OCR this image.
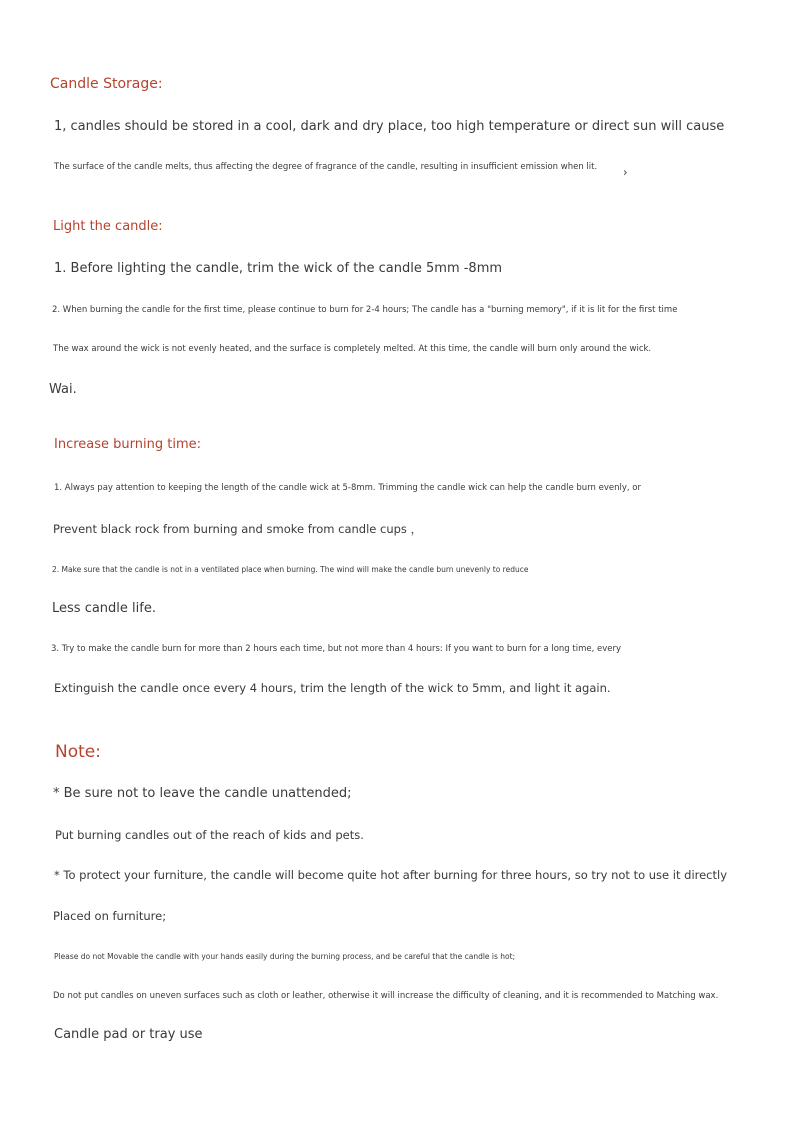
Candle Storage:
1, candles should be stored in a cool, dark and dry place, too high temperature or direct sun will cause
The surface of the candle melts, thus affecting the degree of fragrance of the candle, resulting in insufficient emission when lit. ›
Light the candle:
1. Before lighting the candle, trim the wick of the candle 5mm -8mm
2. When burning the candle for the first time, please continue to burn for 2-4 hours; The candle has a "burning memory", if it is lit for the first time
The wax around the wick is not evenly heated, and the surface is completely melted. At this time, the candle will burn only around the wick.
Wai.
Increase burning time:
1. Always pay attention to keeping the length of the candle wick at 5-8mm. Trimming the candle wick can help the candle burn evenly, or
Prevent black rock from burning and smoke from candle cups ，
2. Make sure that the candle is not in a ventilated place when burning. The wind will make the candle burn unevenly to reduce
Less candle life.
3. Try to make the candle burn for more than 2 hours each time, but not more than 4 hours: If you want to burn for a long time, every
Extinguish the candle once every 4 hours, trim the length of the wick to 5mm, and light it again.
Note:
* Be sure not to leave the candle unattended;
Put burning candles out of the reach of kids and pets.
* To protect your furniture, the candle will become quite hot after burning for three hours, so try not to use it directly
Placed on furniture;
Please do not Movable the candle with your hands easily during the burning process, and be careful that the candle is hot;
Do not put candles on uneven surfaces such as cloth or leather, otherwise it will increase the difficulty of cleaning, and it is recommended to Matching wax.
Candle pad or tray use
